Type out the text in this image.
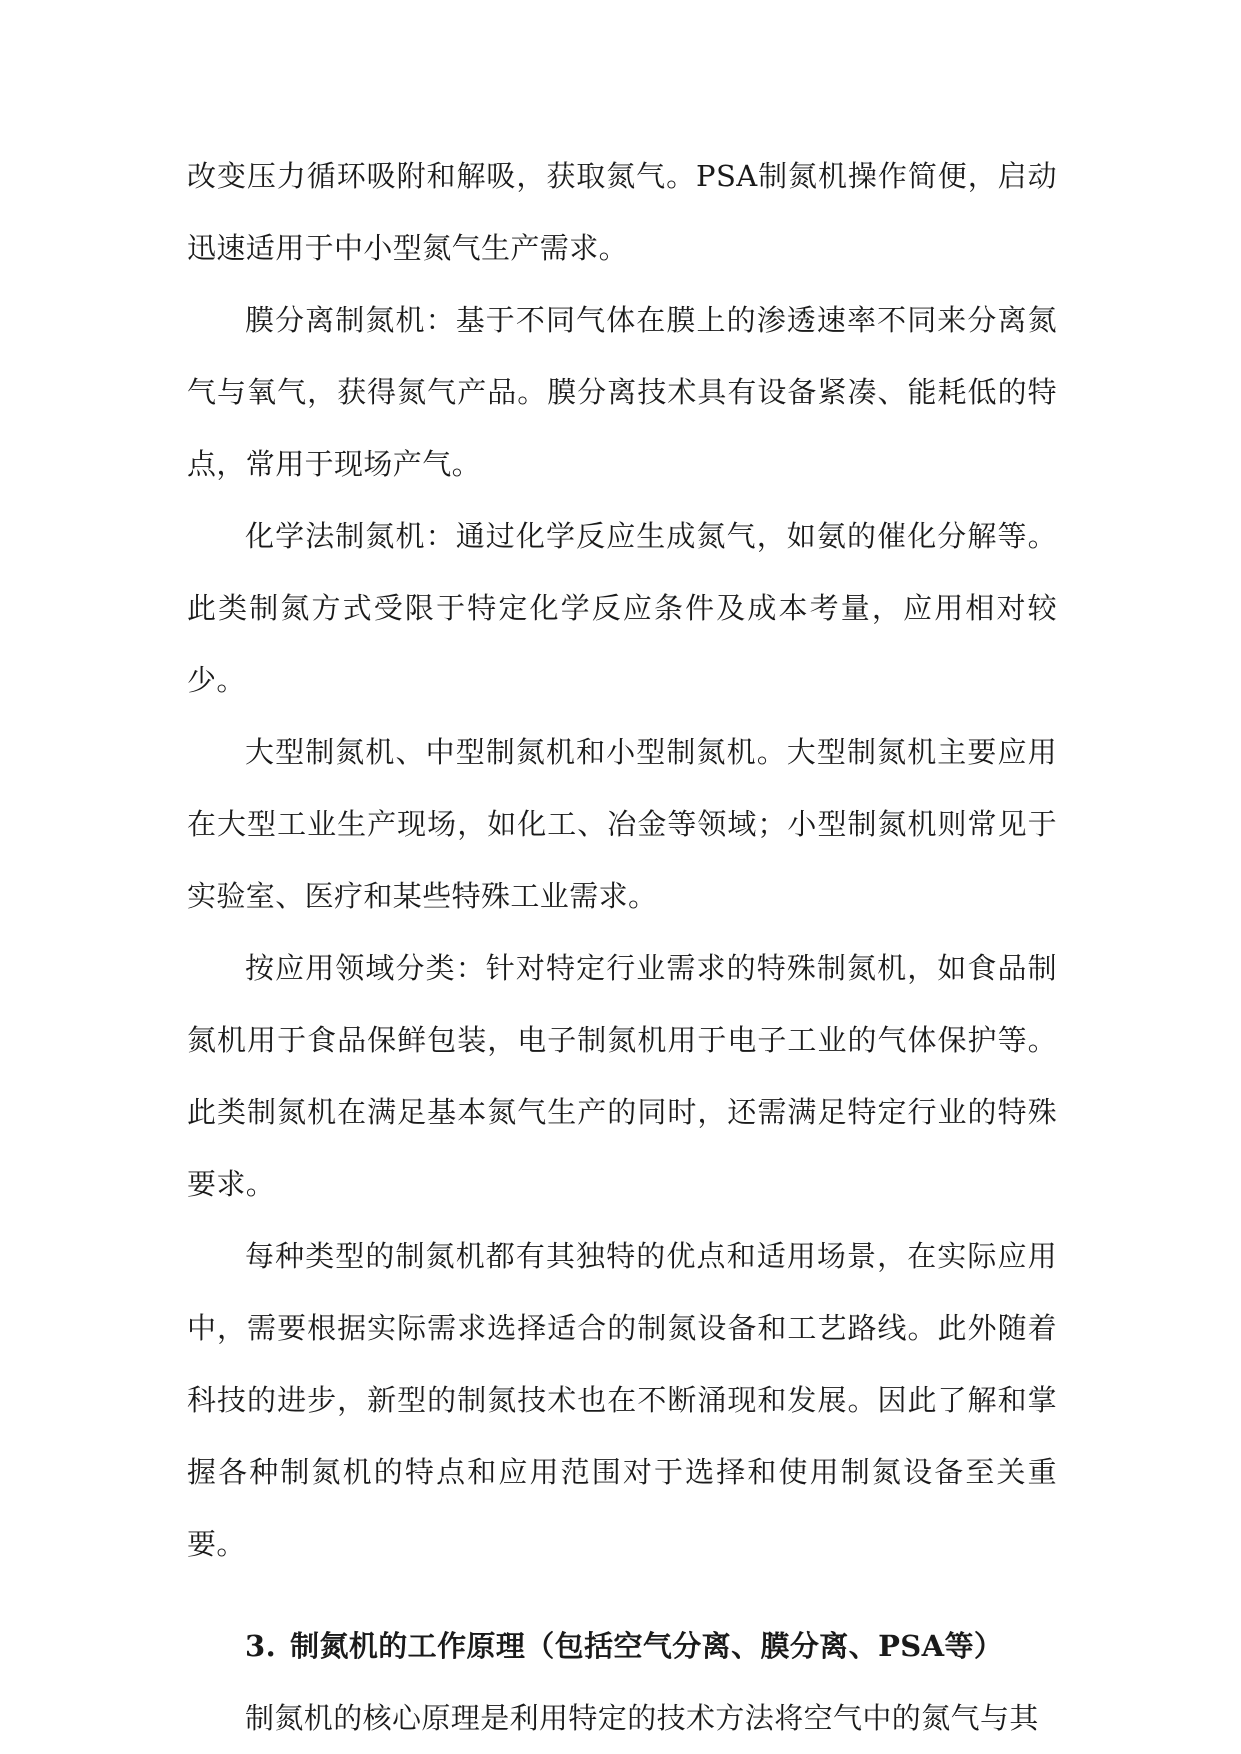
改变压力循环吸附和解吸，获取氮气。PSA制氮机操作简便，启动迅速适用于中小型氮气生产需求。

膜分离制氮机：基于不同气体在膜上的渗透速率不同来分离氮气与氧气，获得氮气产品。膜分离技术具有设备紧凑、能耗低的特点，常用于现场产气。

化学法制氮机：通过化学反应生成氮气，如氨的催化分解等。此类制氮方式受限于特定化学反应条件及成本考量，应用相对较少。

大型制氮机、中型制氮机和小型制氮机。大型制氮机主要应用在大型工业生产现场，如化工、冶金等领域；小型制氮机则常见于实验室、医疗和某些特殊工业需求。

按应用领域分类：针对特定行业需求的特殊制氮机，如食品制氮机用于食品保鲜包装，电子制氮机用于电子工业的气体保护等。此类制氮机在满足基本氮气生产的同时，还需满足特定行业的特殊要求。

每种类型的制氮机都有其独特的优点和适用场景，在实际应用中，需要根据实际需求选择适合的制氮设备和工艺路线。此外随着科技的进步，新型的制氮技术也在不断涌现和发展。因此了解和掌握各种制氮机的特点和应用范围对于选择和使用制氮设备至关重要。

3. 制氮机的工作原理（包括空气分离、膜分离、PSA等）

制氮机的核心原理是利用特定的技术方法将空气中的氮气与其
